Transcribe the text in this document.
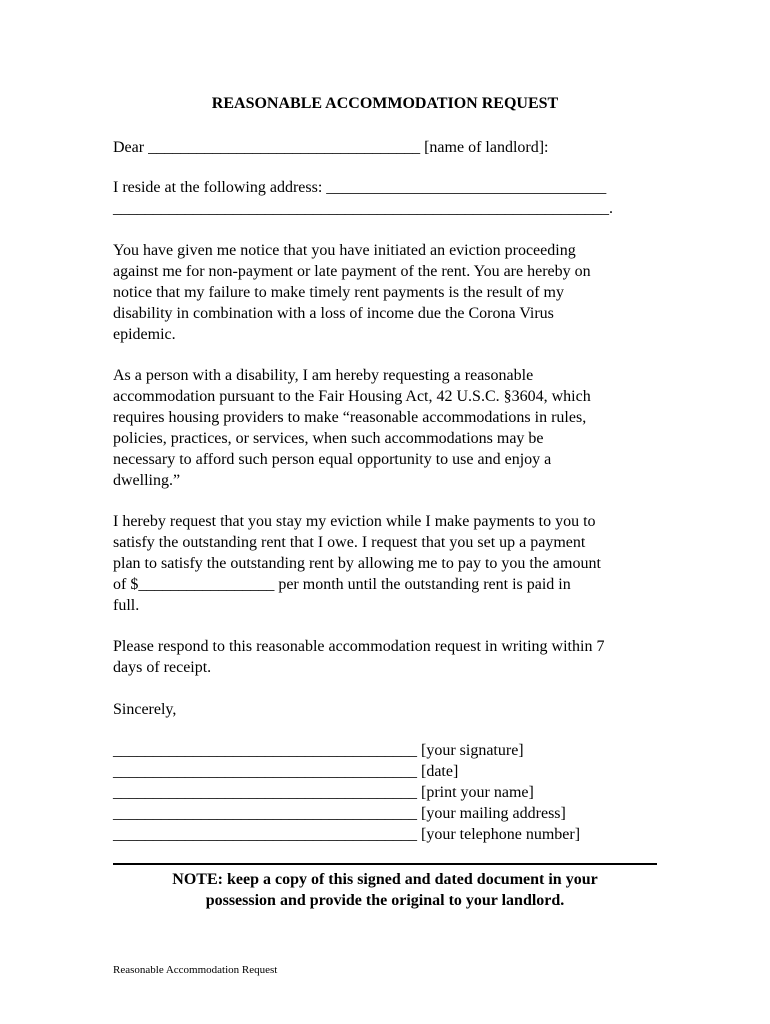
REASONABLE ACCOMMODATION REQUEST
Dear __________________________________ [name of landlord]:
I reside at the following address: ___________________________________
______________________________________________________________.
You have given me notice that you have initiated an eviction proceeding
against me for non-payment or late payment of the rent. You are hereby on
notice that my failure to make timely rent payments is the result of my
disability in combination with a loss of income due the Corona Virus
epidemic.
As a person with a disability, I am hereby requesting a reasonable
accommodation pursuant to the Fair Housing Act, 42 U.S.C. §3604, which
requires housing providers to make “reasonable accommodations in rules,
policies, practices, or services, when such accommodations may be
necessary to afford such person equal opportunity to use and enjoy a
dwelling.”
I hereby request that you stay my eviction while I make payments to you to
satisfy the outstanding rent that I owe. I request that you set up a payment
plan to satisfy the outstanding rent by allowing me to pay to you the amount
of $_________________ per month until the outstanding rent is paid in
full.
Please respond to this reasonable accommodation request in writing within 7
days of receipt.
Sincerely,
______________________________________ [your signature]
______________________________________ [date]
______________________________________ [print your name]
______________________________________ [your mailing address]
______________________________________ [your telephone number]
NOTE: keep a copy of this signed and dated document in your
possession and provide the original to your landlord.
Reasonable Accommodation Request
